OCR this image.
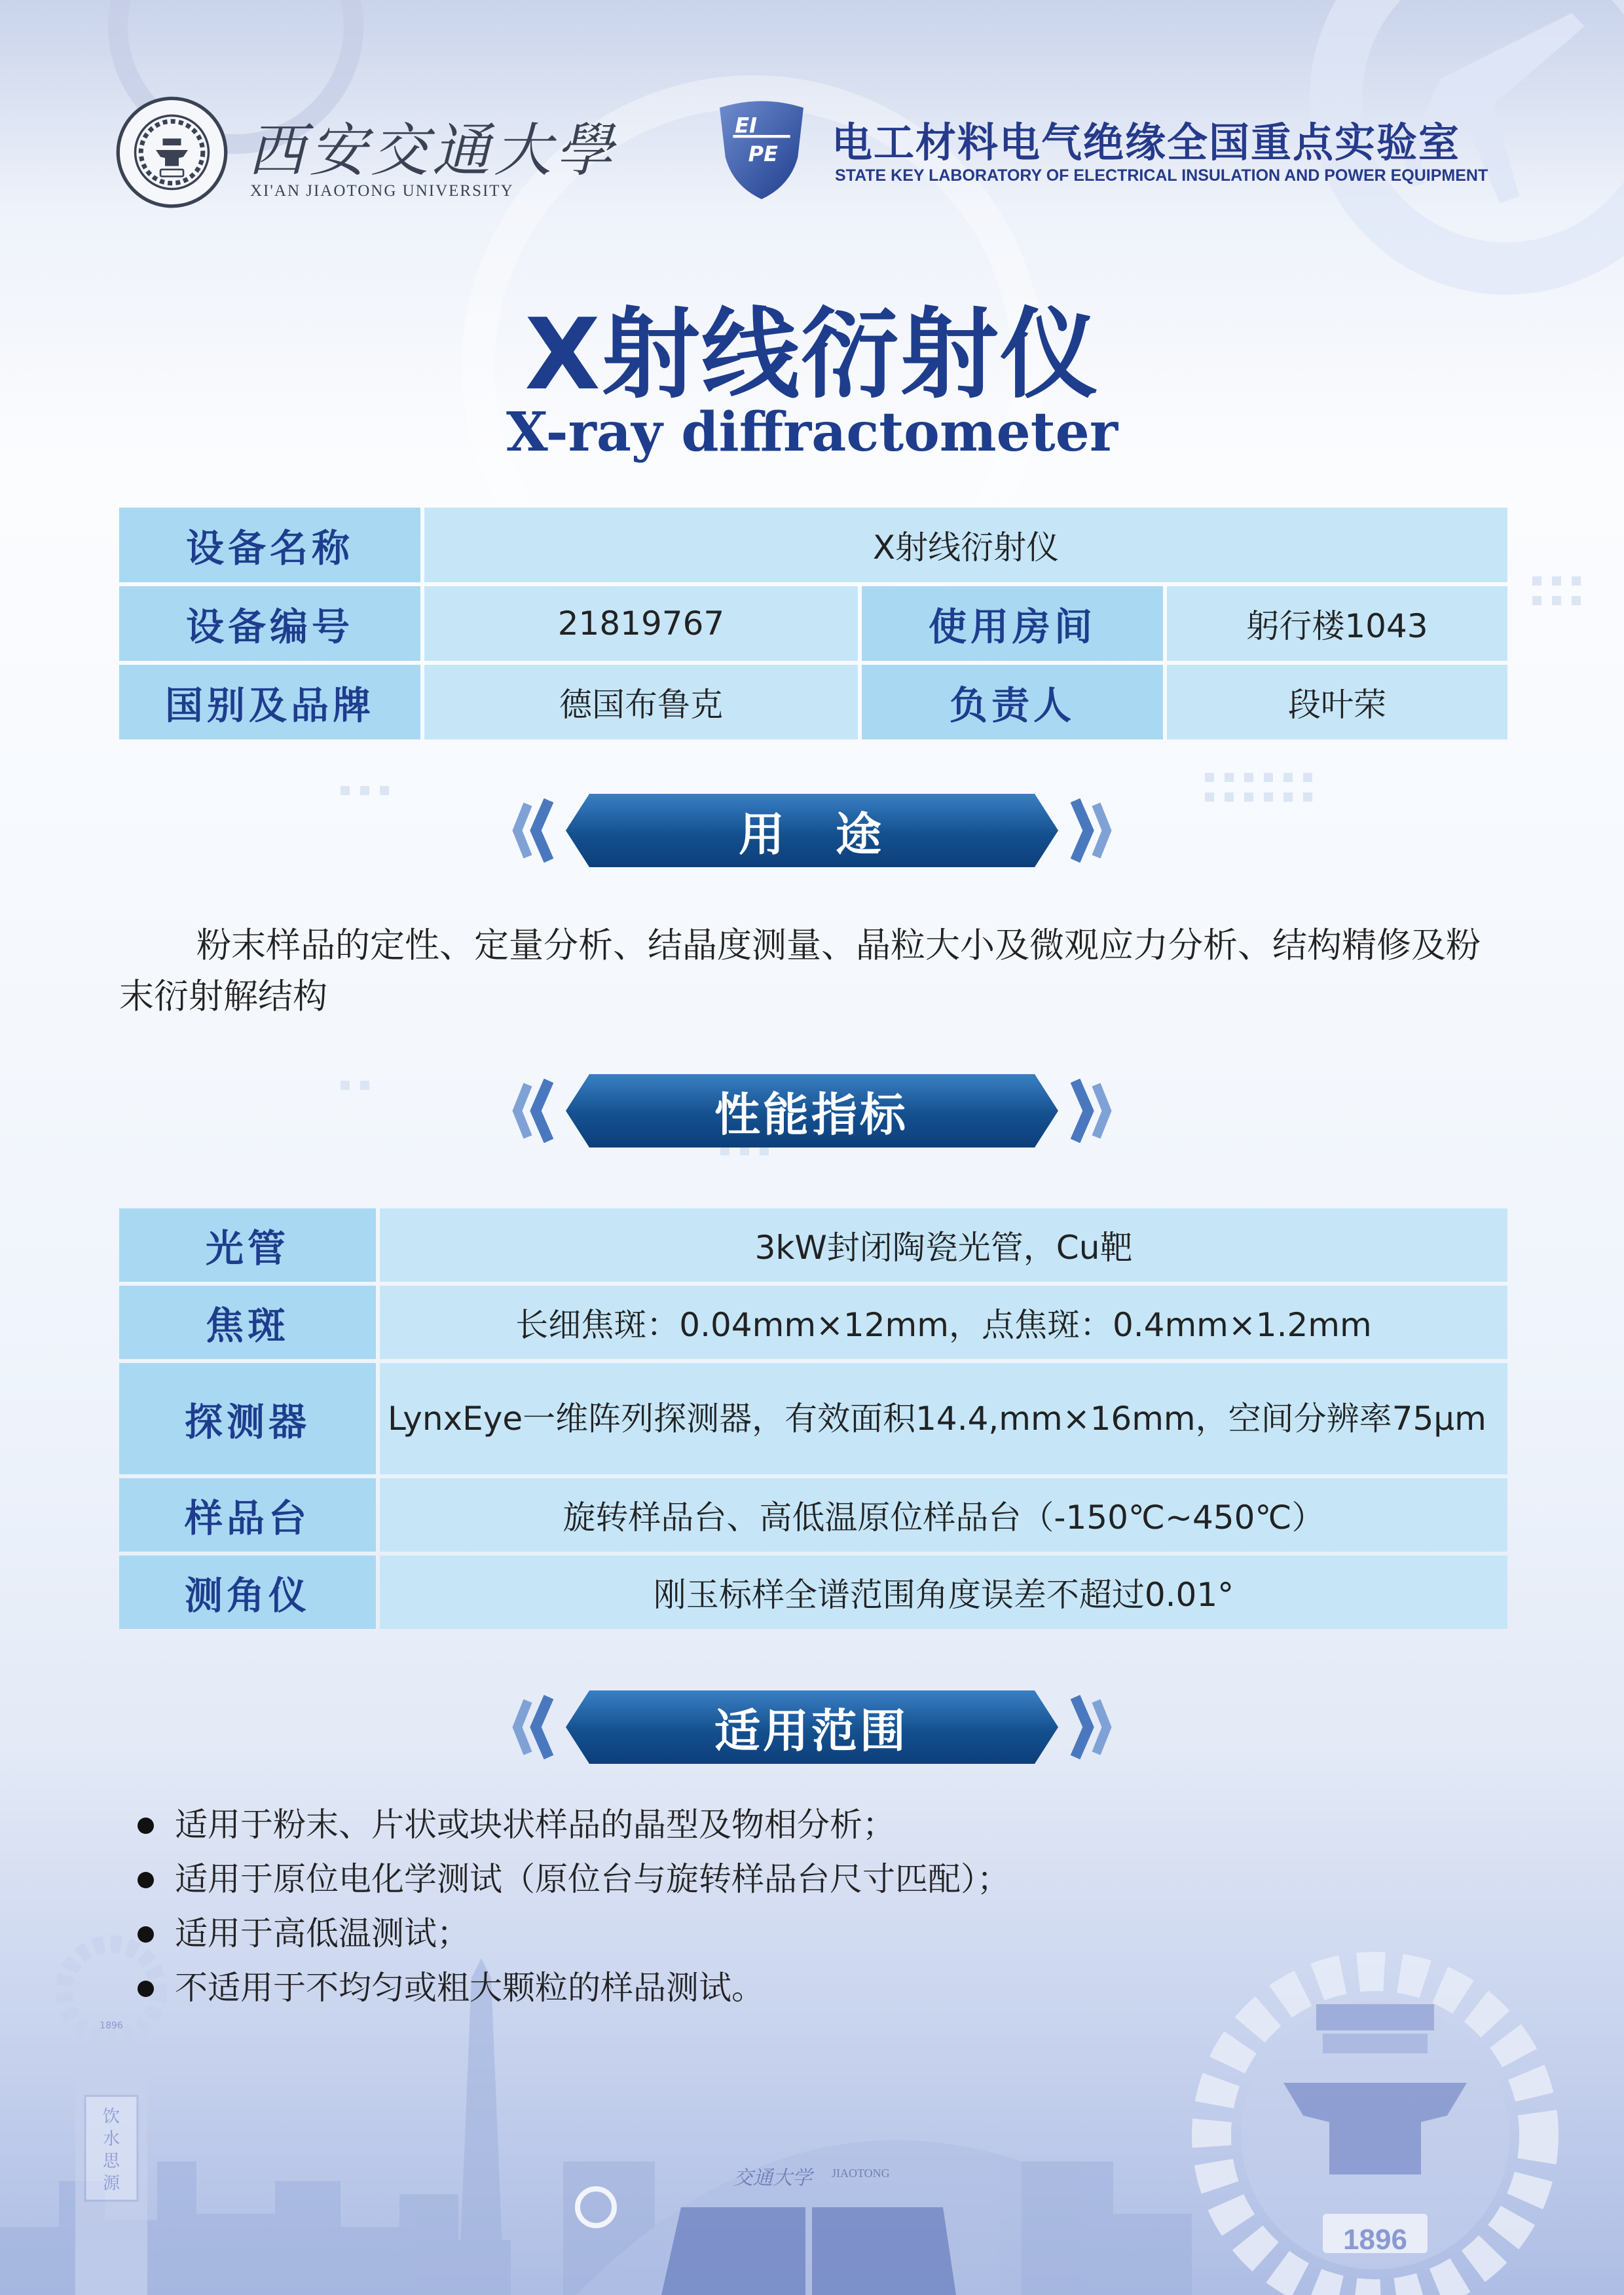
西安交通大學
XI'AN JIAOTONG UNIVERSITY
EI
PE 电工材料电气绝缘全国重点实验室
STATE KEY LABORATORY OF ELECTRICAL INSULATION AND POWER EQUIPMENT
X射线衍射仪
X-ray diffractometer
设备名称	X射线衍射仪
设备编号	21819767	使用房间	躬行楼1043
国别及品牌	德国布鲁克	负责人	段叶荣
用　途
粉末样品的定性、定量分析、结晶度测量、晶粒大小及微观应力分析、结构精修及粉末衍射解结构
性能指标
光管	3kW封闭陶瓷光管，Cu靶
焦斑	长细焦斑：0.04mm×12mm，点焦斑：0.4mm×1.2mm
探测器	LynxEye一维阵列探测器，有效面积14.4,mm×16mm，空间分辨率75μm
样品台	旋转样品台、高低温原位样品台（-150℃~450℃）
测角仪	刚玉标样全谱范围角度误差不超过0.01°
适用范围
适用于粉末、片状或块状样品的晶型及物相分析；
适用于原位电化学测试（原位台与旋转样品台尺寸匹配）；
适用于高低温测试；
不适用于不均匀或粗大颗粒的样品测试。
1896
交通大学 JIAOTONG
饮水思源
1896
